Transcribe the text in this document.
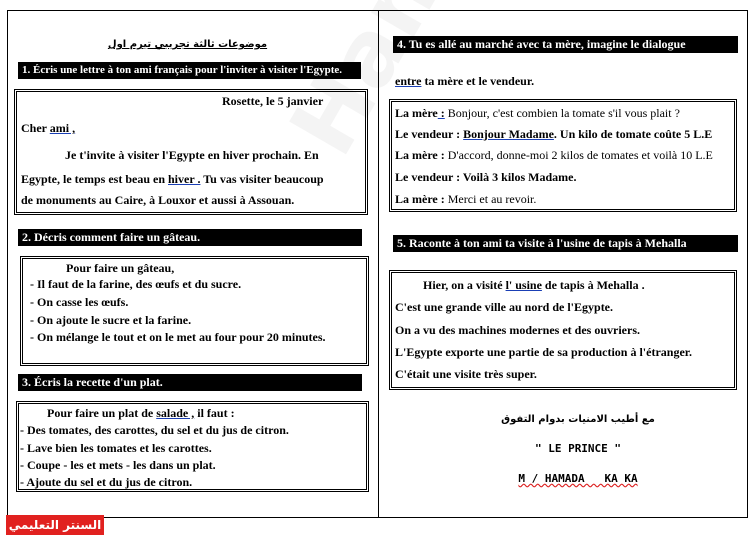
موضوعات ثالثة تجريبي تيرم اول
1. Écris une lettre à ton ami français pour l'inviter à visiter l'Egypte.
Rosette, le 5 janvier
Cher ami ,
Je t'invite à visiter l'Egypte en hiver prochain. En
Egypte, le temps est beau en hiver . Tu vas visiter beaucoup
de monuments au Caire, à Louxor et aussi à Assouan.
2. Décris comment faire un gâteau.
Pour faire un gâteau,
- Il faut de la farine, des œufs et du sucre.
- On casse les œufs.
- On ajoute le sucre et la farine.
- On mélange le tout et on le met au four pour 20 minutes.
3. Écris la recette d'un plat.
Pour faire un plat de salade , il faut :
- Des tomates, des carottes, du sel et du jus de citron.
- Lave bien les tomates et les carottes.
- Coupe - les et mets - les dans un plat.
- Ajoute du sel et du jus de citron.
4. Tu es allé au marché avec ta mère, imagine le dialogue
entre ta mère et le vendeur.
La mère : Bonjour, c'est combien la tomate s'il vous plait ?
Le vendeur : Bonjour Madame. Un kilo de tomate coûte 5 L.E
La mère : D'accord, donne-moi 2 kilos de tomates et voilà 10 L.E
Le vendeur : Voilà 3 kilos Madame.
La mère : Merci et au revoir.
5. Raconte à ton ami ta visite à l'usine de tapis à Mehalla
Hier, on a visité l' usine de tapis à Mehalla .
C'est une grande ville au nord de l'Egypte.
On a vu des machines modernes et des ouvriers.
L'Egypte exporte une partie de sa production à l'étranger.
C'était une visite très super.
مع أطيب الامنيات بدوام التفوق
" LE PRINCE "
M / HAMADA   KA KA
السنتر التعليمي
